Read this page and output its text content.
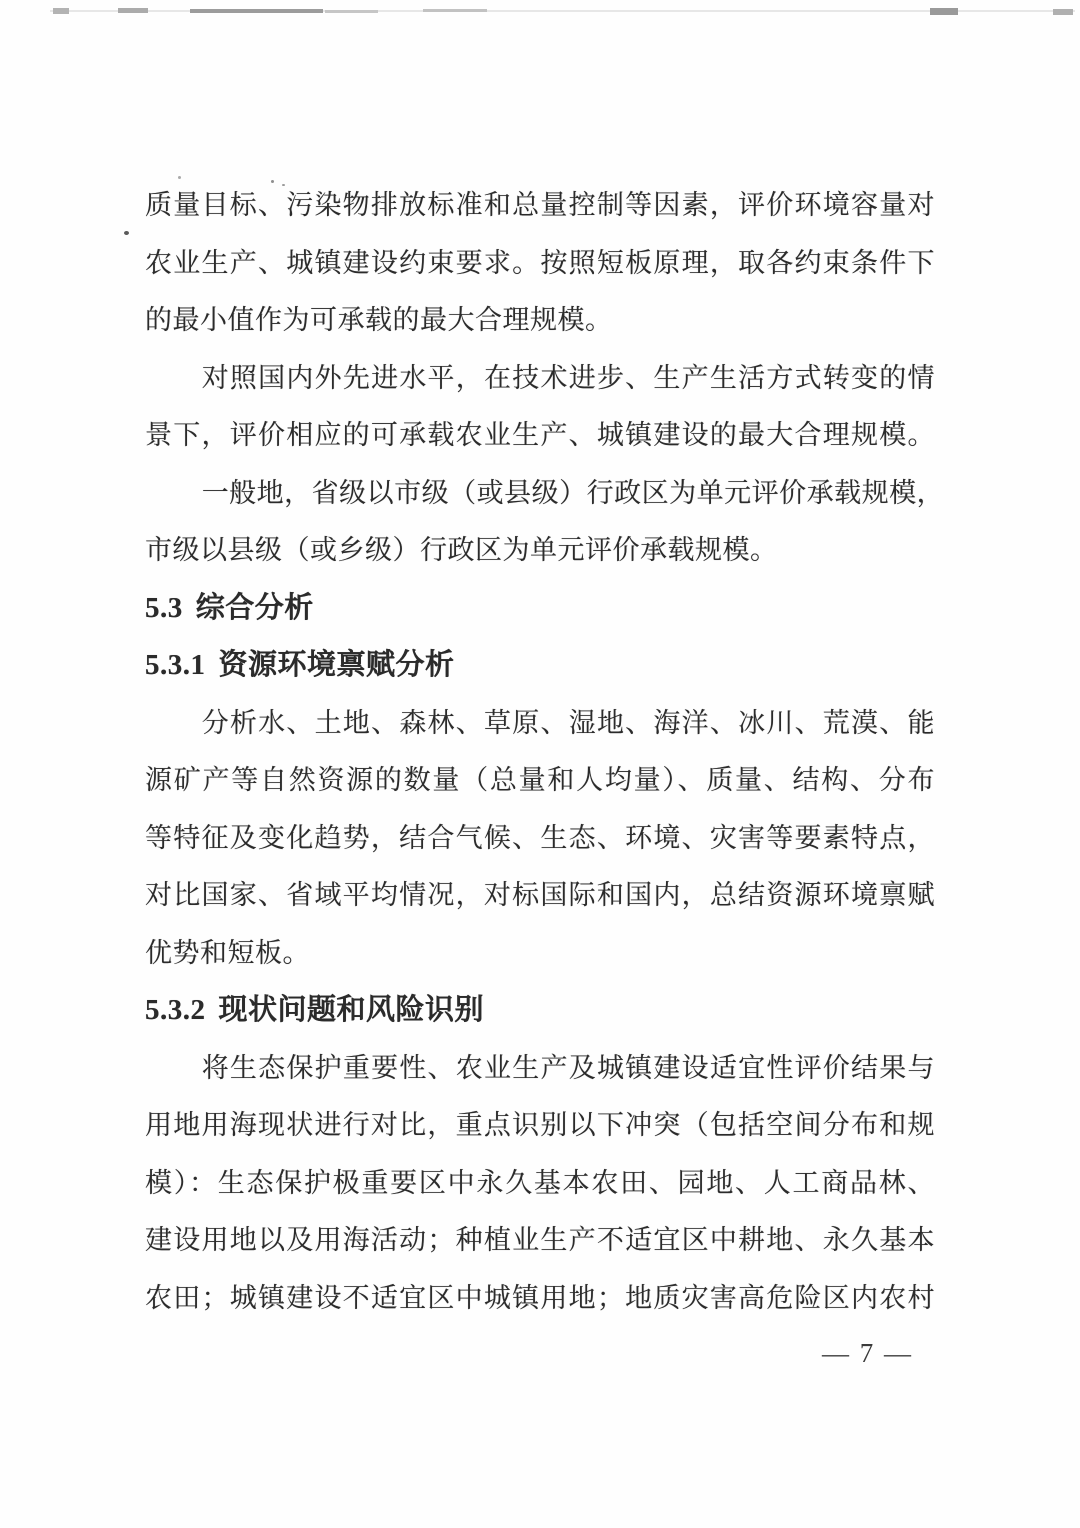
质量目标、污染物排放标准和总量控制等因素，评价环境容量对

农业生产、城镇建设约束要求。按照短板原理，取各约束条件下

的最小值作为可承载的最大合理规模。

对照国内外先进水平，在技术进步、生产生活方式转变的情

景下，评价相应的可承载农业生产、城镇建设的最大合理规模。

一般地，省级以市级（或县级）行政区为单元评价承载规模，

市级以县级（或乡级）行政区为单元评价承载规模。

5.3 综合分析
5.3.1 资源环境禀赋分析

分析水、土地、森林、草原、湿地、海洋、冰川、荒漠、能

源矿产等自然资源的数量（总量和人均量）、质量、结构、分布

等特征及变化趋势，结合气候、生态、环境、灾害等要素特点，

对比国家、省域平均情况，对标国际和国内，总结资源环境禀赋

优势和短板。

5.3.2 现状问题和风险识别

将生态保护重要性、农业生产及城镇建设适宜性评价结果与

用地用海现状进行对比，重点识别以下冲突（包括空间分布和规

模）：生态保护极重要区中永久基本农田、园地、人工商品林、

建设用地以及用海活动；种植业生产不适宜区中耕地、永久基本

农田；城镇建设不适宜区中城镇用地；地质灾害高危险区内农村

— 7 —
